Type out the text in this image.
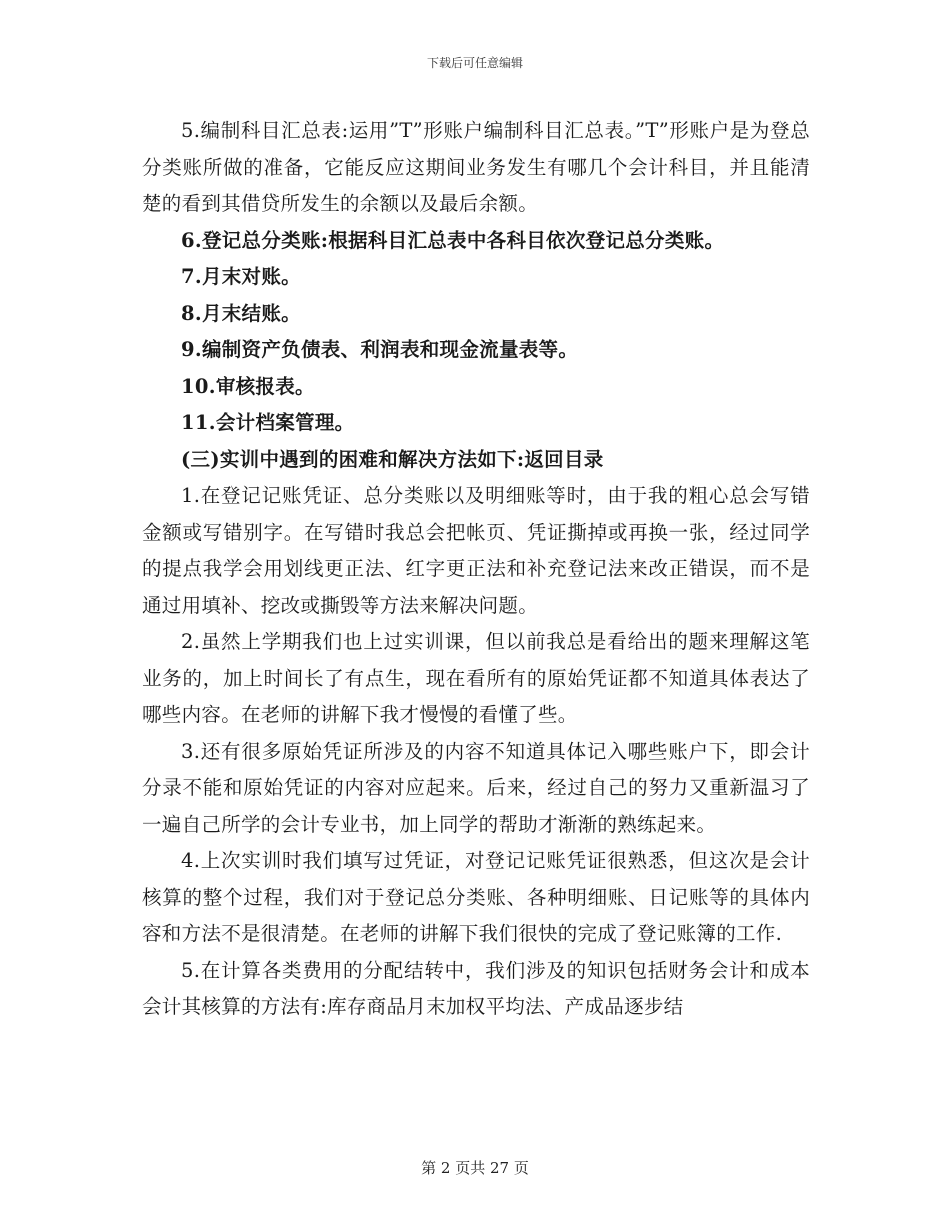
下载后可任意编辑

5.编制科目汇总表:运用”T”形账户编制科目汇总表。”T”形账户是为登总分类账所做的准备，它能反应这期间业务发生有哪几个会计科目，并且能清楚的看到其借贷所发生的余额以及最后余额。

6.登记总分类账:根据科目汇总表中各科目依次登记总分类账。

7.月末对账。

8.月末结账。

9.编制资产负债表、利润表和现金流量表等。

10.审核报表。

11.会计档案管理。

(三)实训中遇到的困难和解决方法如下:返回目录

1.在登记记账凭证、总分类账以及明细账等时，由于我的粗心总会写错金额或写错别字。在写错时我总会把帐页、凭证撕掉或再换一张，经过同学的提点我学会用划线更正法、红字更正法和补充登记法来改正错误，而不是通过用填补、挖改或撕毁等方法来解决问题。

2.虽然上学期我们也上过实训课，但以前我总是看给出的题来理解这笔业务的，加上时间长了有点生，现在看所有的原始凭证都不知道具体表达了哪些内容。在老师的讲解下我才慢慢的看懂了些。

3.还有很多原始凭证所涉及的内容不知道具体记入哪些账户下，即会计分录不能和原始凭证的内容对应起来。后来，经过自己的努力又重新温习了一遍自己所学的会计专业书，加上同学的帮助才渐渐的熟练起来。

4.上次实训时我们填写过凭证，对登记记账凭证很熟悉，但这次是会计核算的整个过程，我们对于登记总分类账、各种明细账、日记账等的具体内容和方法不是很清楚。在老师的讲解下我们很快的完成了登记账簿的工作.

5.在计算各类费用的分配结转中，我们涉及的知识包括财务会计和成本会计其核算的方法有:库存商品月末加权平均法、产成品逐步结

第 2 页共 27 页
